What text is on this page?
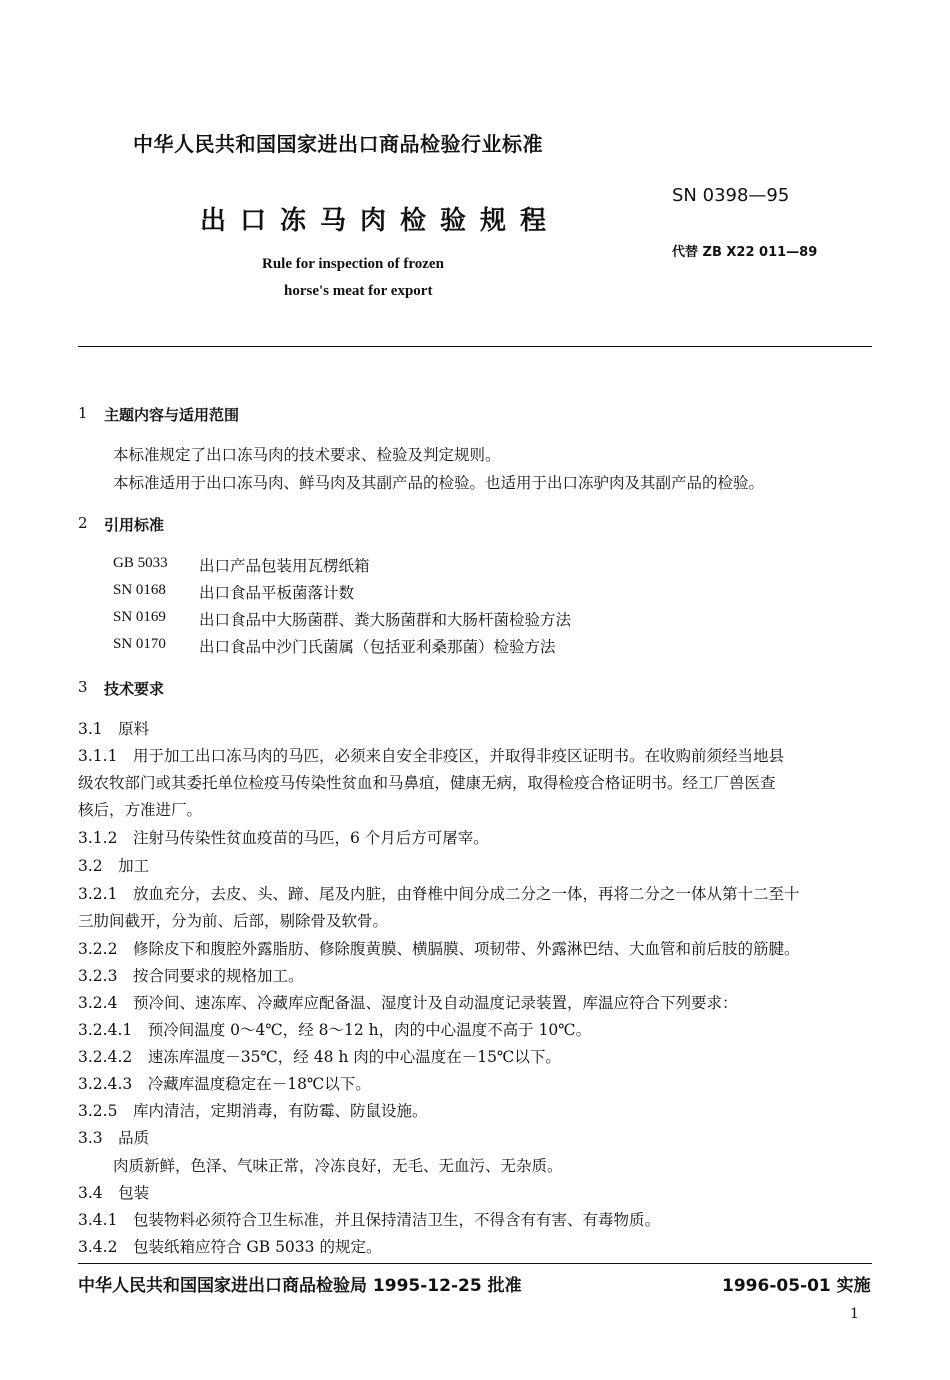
中华人民共和国国家进出口商品检验行业标准
SN 0398—95
出口冻马肉检验规程
代替 ZB X22 011—89
Rule for inspection of frozen
horse's meat for export
1 主题内容与适用范围
本标准规定了出口冻马肉的技术要求、检验及判定规则。
本标准适用于出口冻马肉、鲜马肉及其副产品的检验。也适用于出口冻驴肉及其副产品的检验。
2 引用标准
GB 5033 出口产品包装用瓦楞纸箱
SN 0168 出口食品平板菌落计数
SN 0169 出口食品中大肠菌群、粪大肠菌群和大肠杆菌检验方法
SN 0170 出口食品中沙门氏菌属（包括亚利桑那菌）检验方法
3 技术要求
3.1　原料
3.1.1　用于加工出口冻马肉的马匹，必须来自安全非疫区，并取得非疫区证明书。在收购前须经当地县
级农牧部门或其委托单位检疫马传染性贫血和马鼻疽，健康无病，取得检疫合格证明书。经工厂兽医查
核后，方准进厂。
3.1.2　注射马传染性贫血疫苗的马匹，6 个月后方可屠宰。
3.2　加工
3.2.1　放血充分，去皮、头、蹄、尾及内脏，由脊椎中间分成二分之一体，再将二分之一体从第十二至十
三肋间截开，分为前、后部，剔除骨及软骨。
3.2.2　修除皮下和腹腔外露脂肪、修除腹黄膜、横膈膜、项韧带、外露淋巴结、大血管和前后肢的筋腱。
3.2.3　按合同要求的规格加工。
3.2.4　预冷间、速冻库、冷藏库应配备温、湿度计及自动温度记录装置，库温应符合下列要求：
3.2.4.1　预冷间温度 0～4℃，经 8～12 h，肉的中心温度不高于 10℃。
3.2.4.2　速冻库温度－35℃，经 48 h 肉的中心温度在－15℃以下。
3.2.4.3　冷藏库温度稳定在－18℃以下。
3.2.5　库内清洁，定期消毒，有防霉、防鼠设施。
3.3　品质
肉质新鲜，色泽、气味正常，冷冻良好，无毛、无血污、无杂质。
3.4　包装
3.4.1　包装物料必须符合卫生标准，并且保持清洁卫生，不得含有有害、有毒物质。
3.4.2　包装纸箱应符合 GB 5033 的规定。
中华人民共和国国家进出口商品检验局 1995-12-25 批准	1996-05-01 实施
1
